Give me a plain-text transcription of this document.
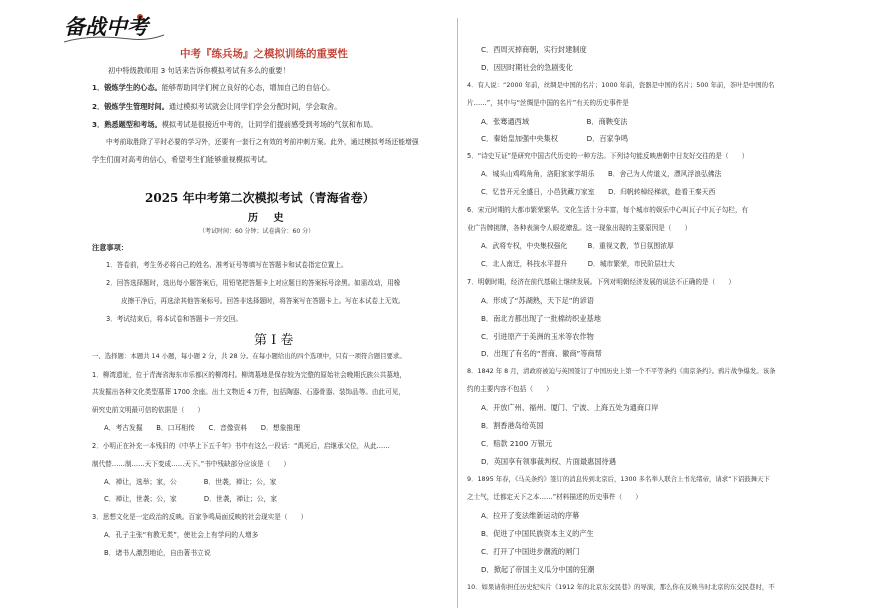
备战中考
中考『练兵场』之模拟训练的重要性
初中特级教师用 3 句话来告诉你模拟考试有多么的重要！
1．锻炼学生的心态。能够帮助同学们树立良好的心态，增加自己的自信心。
2．锻炼学生管理时间。通过模拟考试就会让同学们学会分配时间，学会取舍。
3．熟悉题型和考场。模拟考试是很接近中考的，让同学们提前感受到考场的气氛和布局。
中考前取胜除了平时必要的学习外，还要有一套行之有效的考前冲刺方案。此外，通过模拟考场还能增强
学生们面对高考的信心，希望考生们能够重视模拟考试。
2025 年中考第二次模拟考试（青海省卷）
历 史
（考试时间：60 分钟；试卷满分：60 分）
注意事项：
1．答卷前，考生务必将自己的姓名、准考证号等填写在答题卡和试卷指定位置上。
2．回答选择题时，选出每小题答案后，用铅笔把答题卡上对应题目的答案标号涂黑。如需改动，用橡
皮擦干净后，再选涂其他答案标号。回答非选择题时，将答案写在答题卡上。写在本试卷上无效。
3．考试结束后，将本试卷和答题卡一并交回。
第 I 卷
一、选择题：本题共 14 小题，每小题 2 分，共 28 分。在每小题给出的四个选项中，只有一项符合题目要求。
1．柳湾遗址，位于青海省海东市乐都区的柳湾村。柳湾墓地是保存较为完整的原始社会晚期氏族公共墓地，
共发掘出各种文化类型墓葬 1700 余座。出土文物近 4 万件，包括陶器、石器骨器、装饰品等。由此可见，
研究史前文明最可信的依据是（　　）
A．考古发掘　　B．口耳相传　　C．音像资料　　D．想象推理
2．小明正在补充一本残旧的《中华上下五千年》书中有这么一段话：“禹死后，启继承父位，从此……
制代替……制……天下变成……天下。”书中残缺部分应该是（　　）
A．禅让，选举；家，公　　　　B．世袭，禅让；公，家
C．禅让，世袭；公，家　　　　D．世袭，禅让；公，家
3．思想文化是一定政治的反映。百家争鸣局面反映的社会现实是（　　）
A．孔子主张“有教无类”，使社会上有学问的人增多
B．诸书人激烈地论，自由著书立说
C．西周灭掉商朝，实行封建制度
D．因因时期社会的急剧变化
4．有人说：“2000 年前，丝绸是中国的名片；1000 年前，瓷器是中国的名片；500 年前，茶叶是中国的名
片……”，其中与“丝绸是中国的名片”有关的历史事件是
A．张骞通西域　　　　　　　　B．商鞅变法
C．秦始皇加强中央集权　　　　D．百家争鸣
5．“诗史互证”是研究中国古代历史的一种方法。下列诗句能反映唐朝中日友好交往的是（　　）
A．城头山鸡鸣角角，洛阳家家学胡乐　　B．舍己为人传道义，漂风浮浪弘佛法
C．忆昔开元全盛日，小邑犹藏万家室　　D．归帆转棹经梯欲，趁看王秦天西
6．宋元时期的大都市繁荣繁华。文化生活十分丰富，每个城市的娱乐中心叫瓦子中瓦子勾栏，有
业广告牌挑牌，各种表演令人眼花缭乱。这一现象出现的主要原因是（　　）
A．武将专权，中央集权强化　　　B．重视文教，节日氛围浓厚
C．北人南迁，科技水平提升　　　D．城市繁荣，市民阶层壮大
7．明朝时期，经济在前代基础上继续发展。下列对明朝经济发展的说法不正确的是（　　）
A．形成了“苏湖熟，天下足”的谚语
B．南北方都出现了一批棉纺织业基地
C．引进原产于美洲的玉米等农作物
D．出现了有名的“晋商、徽商”等商帮
8．1842 年 8 月，清政府被迫与英国签订了中国历史上第一个不平等条约《南京条约》。鸦片战争爆发。该条
约的主要内容不包括（　　）
A．开放广州、福州、厦门、宁波、上海五处为通商口岸
B．割香港岛给英国
C．赔款 2100 万银元
D．英国享有领事裁判权、片面最惠国待遇
9．1895 年春，《马关条约》签订的消息传到北京后，1300 多名举人联合上书光绪帝，请求“下诏鼓舞天下
之士气，迁都定天下之本……”材料描述的历史事件（　　）
A．拉开了变法维新运动的序幕
B．促进了中国民族资本主义的产生
C．打开了中国进步潮流的闸门
D．掀起了帝国主义瓜分中国的狂潮
10．如果请你担任历史纪实片《1912 年的北京东交民巷》的导演，那么你在反映当时北京的东交民巷时，不
